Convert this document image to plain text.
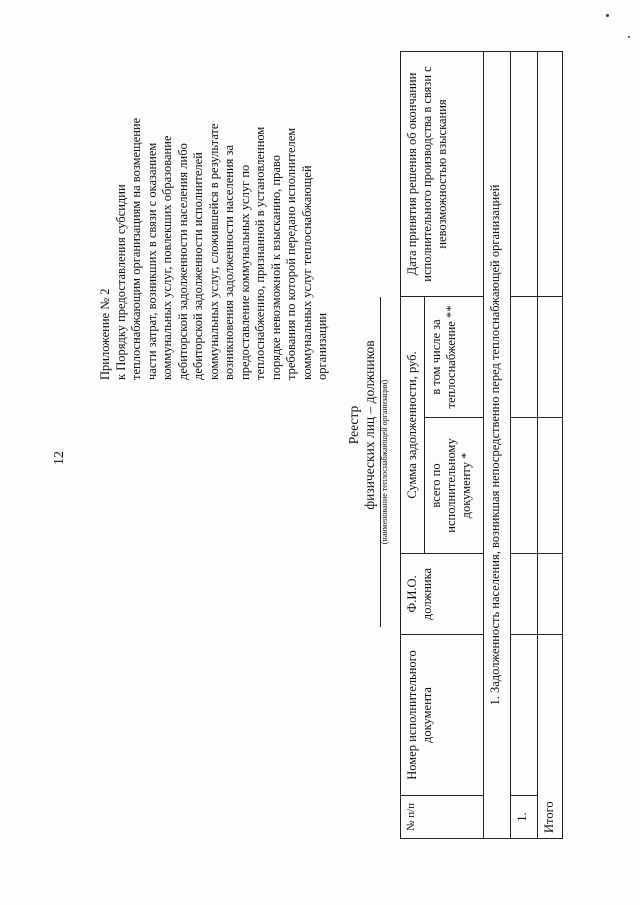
12
Приложение № 2 к Порядку предоставления субсидии теплоснабжающим организациям на возмещение части затрат, возникших в связи с оказанием коммунальных услуг, повлекших образование дебиторской задолженности населения либо дебиторской задолженности исполнителей коммунальных услуг, сложившейся в результате возникновения задолженности населения за предоставление коммунальных услуг по теплоснабжению, признанной в установленном порядке невозможной к взысканию, право требования по которой передано исполнителем коммунальных услуг теплоснабжающей организации
Реестр физических лиц – должников (наименование теплоснабжающей организации)
№ п/п	Номер исполнительного документа	Ф.И.О. должника	Сумма задолженности, руб.		Дата принятия решения об окончании исполнительного производства в связи с невозможностью взыскания
			всего по исполнительному документу *	в том числе за теплоснабжение **	
1. Задолженность населения, возникшая непосредственно перед теплоснабжающей организацией					
1.					
Итого					
